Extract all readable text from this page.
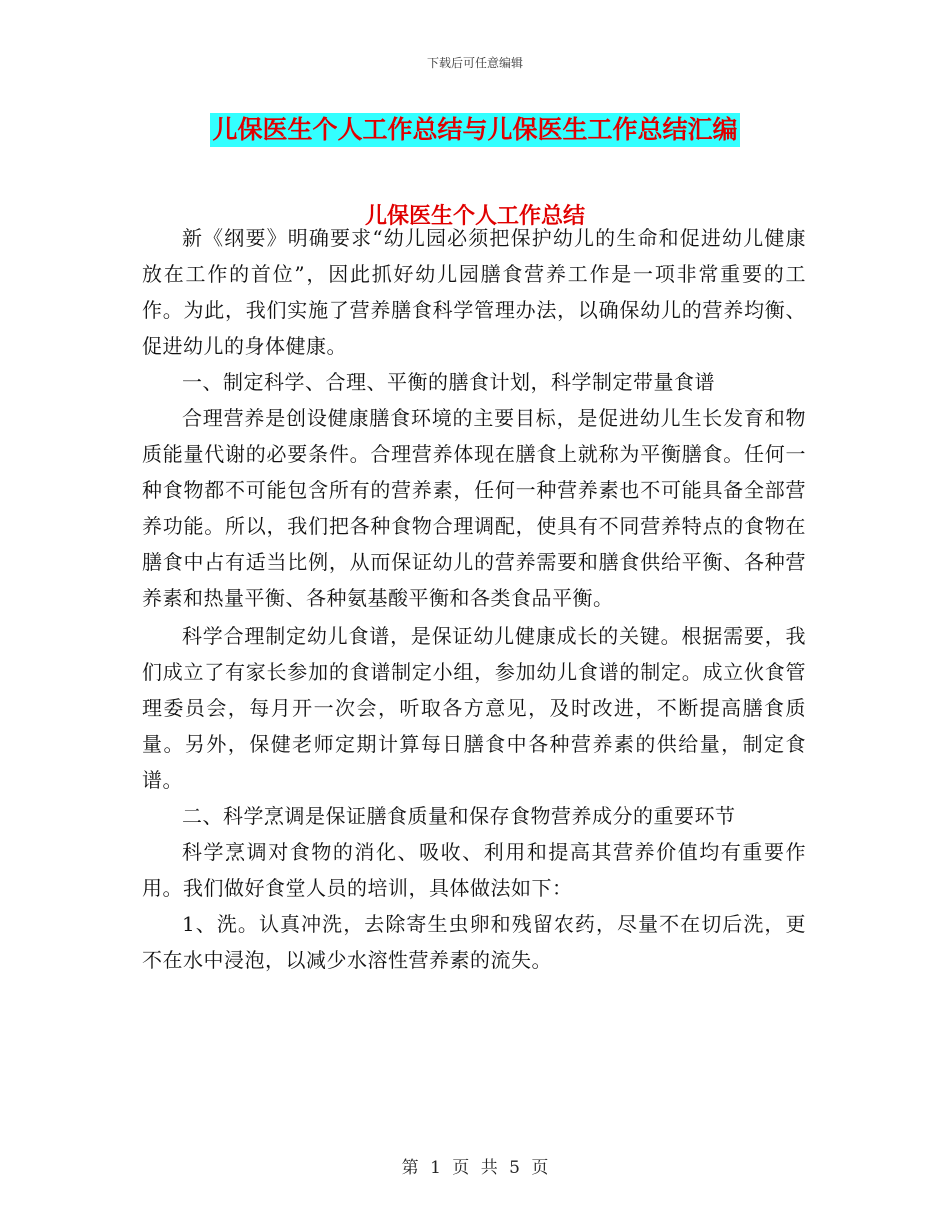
下载后可任意编辑
儿保医生个人工作总结与儿保医生工作总结汇编
儿保医生个人工作总结

新《纲要》明确要求“幼儿园必须把保护幼儿的生命和促进幼儿健康放在工作的首位”，因此抓好幼儿园膳食营养工作是一项非常重要的工作。为此，我们实施了营养膳食科学管理办法，以确保幼儿的营养均衡、促进幼儿的身体健康。

一、制定科学、合理、平衡的膳食计划，科学制定带量食谱

合理营养是创设健康膳食环境的主要目标，是促进幼儿生长发育和物质能量代谢的必要条件。合理营养体现在膳食上就称为平衡膳食。任何一种食物都不可能包含所有的营养素，任何一种营养素也不可能具备全部营养功能。所以，我们把各种食物合理调配，使具有不同营养特点的食物在膳食中占有适当比例，从而保证幼儿的营养需要和膳食供给平衡、各种营养素和热量平衡、各种氨基酸平衡和各类食品平衡。

科学合理制定幼儿食谱，是保证幼儿健康成长的关键。根据需要，我们成立了有家长参加的食谱制定小组，参加幼儿食谱的制定。成立伙食管理委员会，每月开一次会，听取各方意见，及时改进，不断提高膳食质量。另外，保健老师定期计算每日膳食中各种营养素的供给量，制定食谱。

二、科学烹调是保证膳食质量和保存食物营养成分的重要环节

科学烹调对食物的消化、吸收、利用和提高其营养价值均有重要作用。我们做好食堂人员的培训，具体做法如下：

1、洗。认真冲洗，去除寄生虫卵和残留农药，尽量不在切后洗，更不在水中浸泡，以减少水溶性营养素的流失。

第 1 页 共 5 页
